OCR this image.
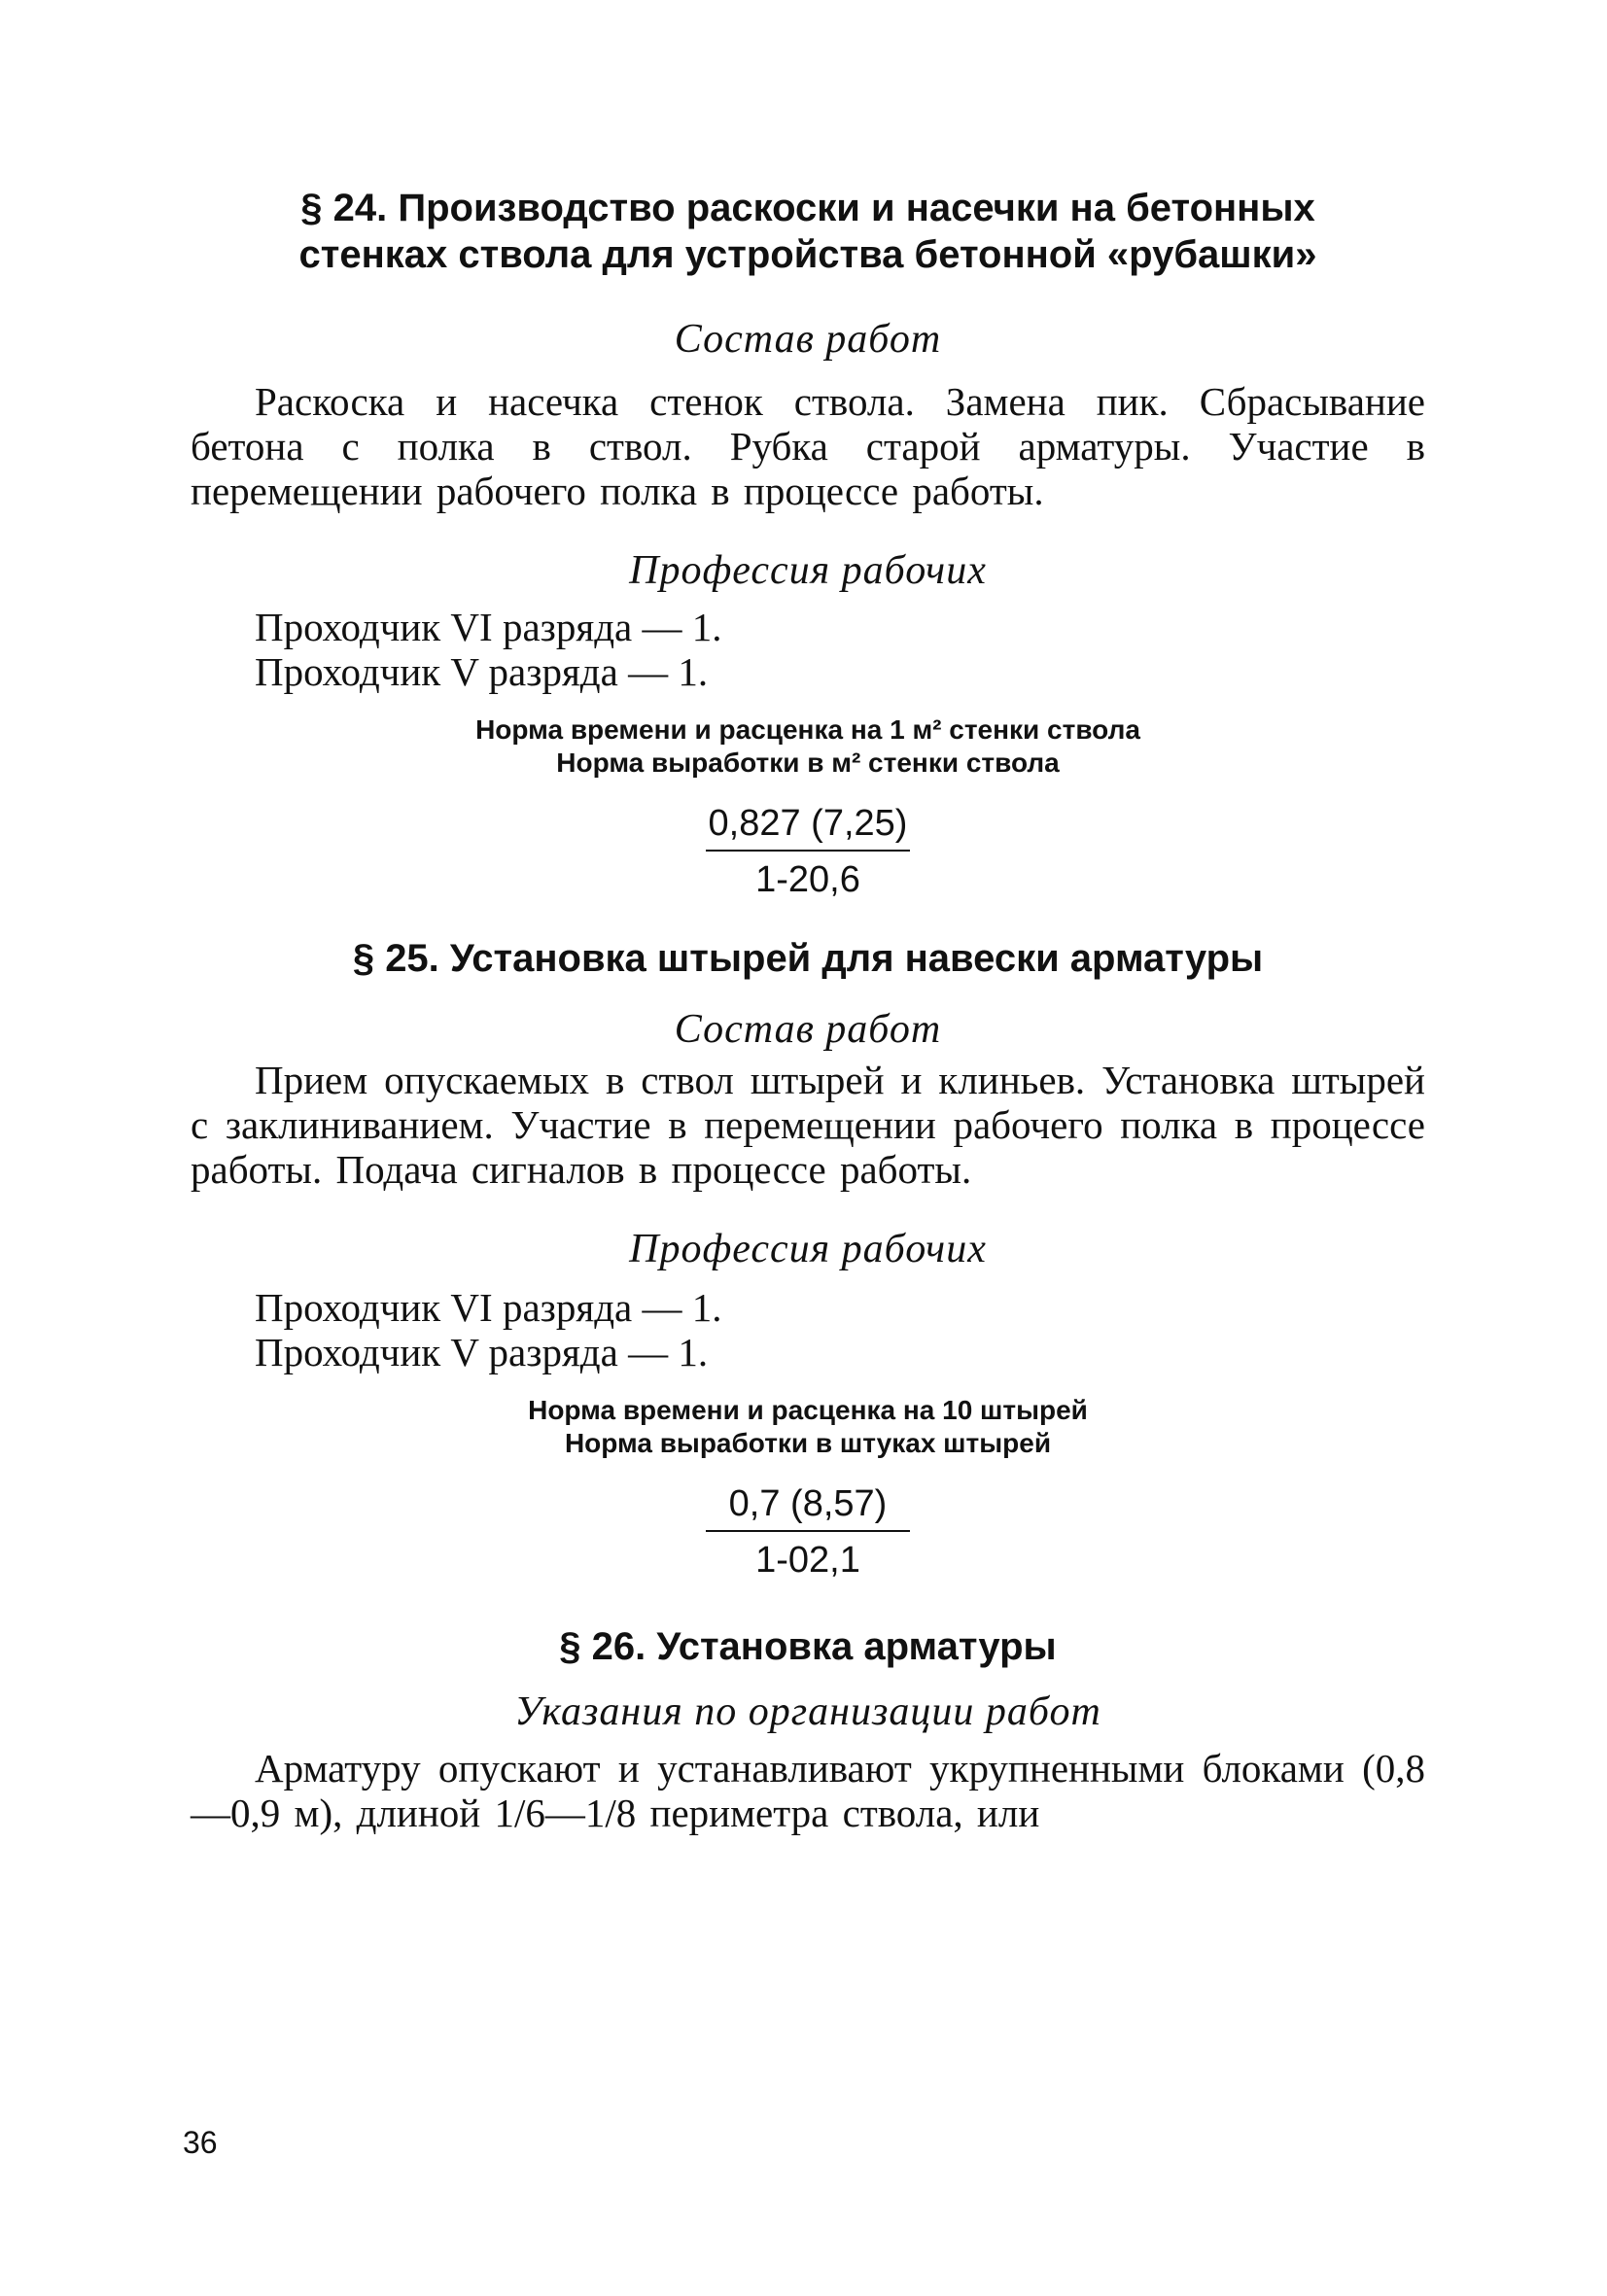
§ 24. Производство раскоски и насечки на бетонных
стенках ствола для устройства бетонной «рубашки»

Состав работ

Раскоска и насечка стенок ствола. Замена пик. Сбрасывание бетона с полка в ствол. Рубка старой арматуры. Участие в перемещении рабочего полка в процессе работы.

Профессия рабочих

Проходчик VI разряда — 1.

Проходчик V разряда — 1.

Норма времени и расценка на 1 м² стенки ствола

Норма выработки в м² стенки ствола

0,827 (7,25)
1-20,6

§ 25. Установка штырей для навески арматуры

Состав работ

Прием опускаемых в ствол штырей и клиньев. Установка штырей с заклиниванием. Участие в перемещении рабочего полка в процессе работы. Подача сигналов в процессе работы.

Профессия рабочих

Проходчик VI разряда — 1.

Проходчик V разряда — 1.

Норма времени и расценка на 10 штырей

Норма выработки в штуках штырей

0,7 (8,57)
1-02,1

§ 26. Установка арматуры

Указания по организации работ

Арматуру опускают и устанавливают укрупненными блоками (0,8—0,9 м), длиной 1/6—1/8 периметра ствола, или

36
